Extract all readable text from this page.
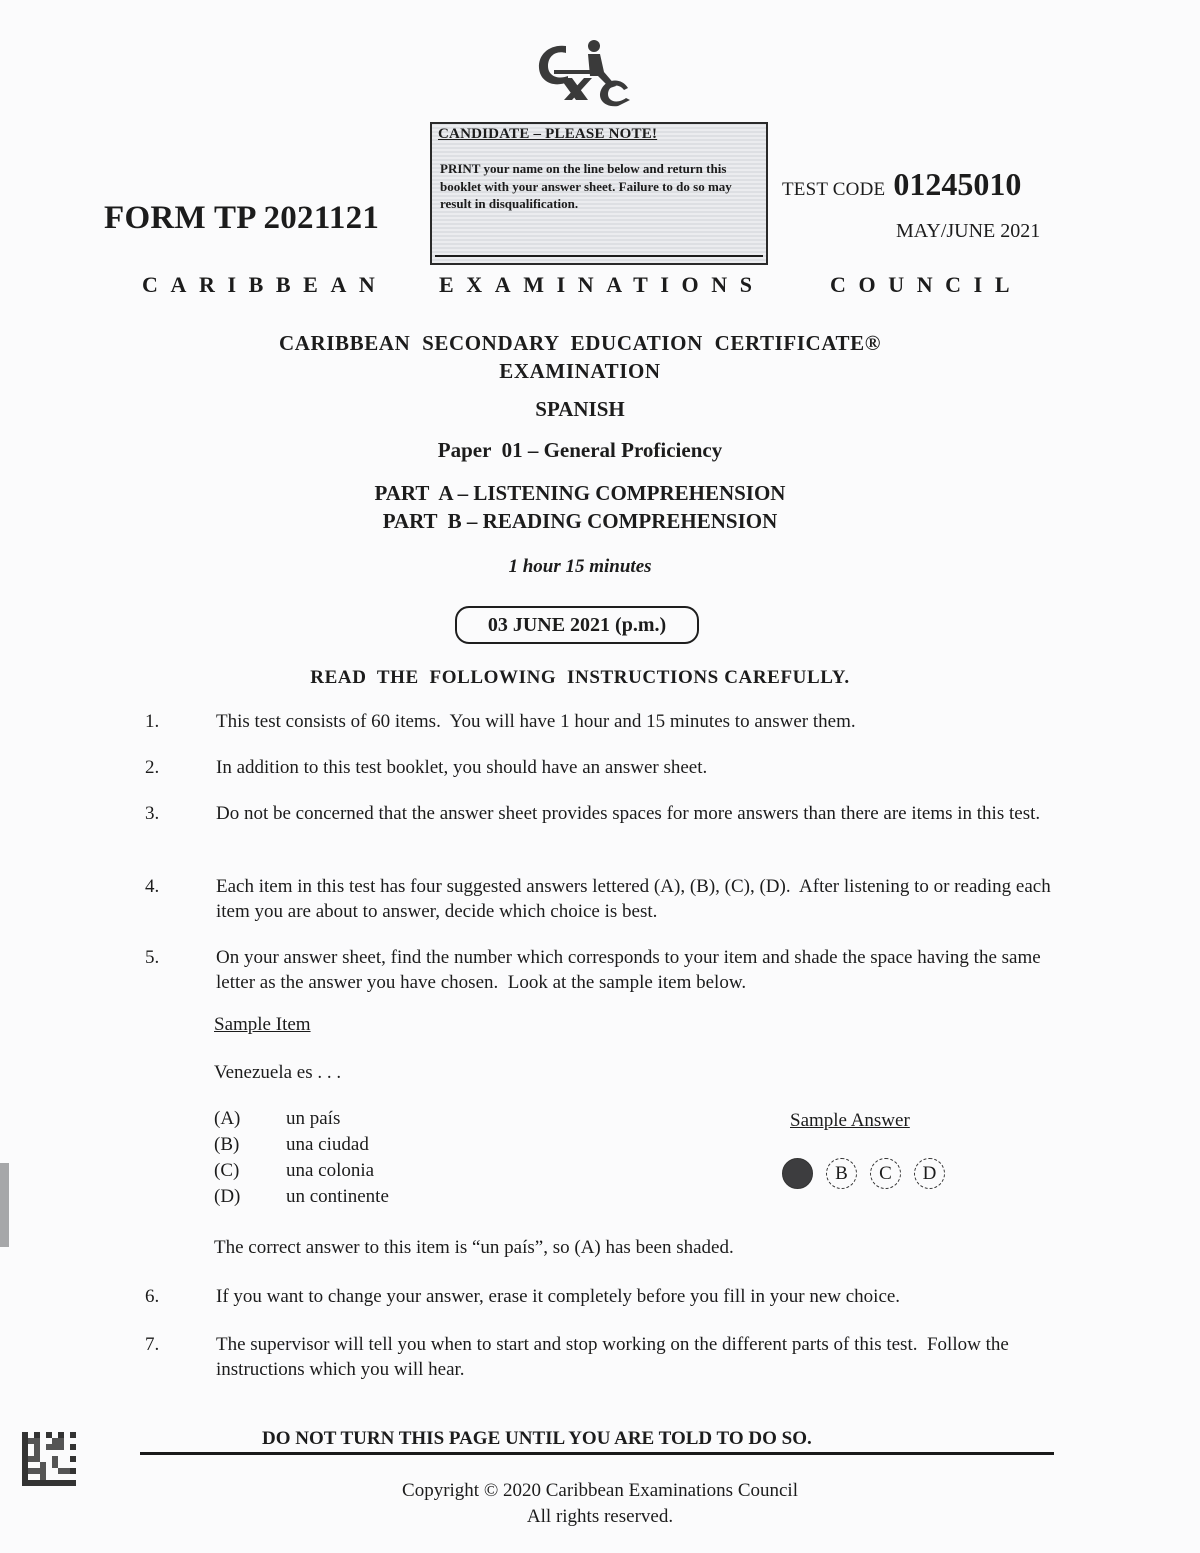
CANDIDATE – PLEASE NOTE!
PRINT your name on the line below and return this booklet with your answer sheet. Failure to do so may result in disqualification.
FORM TP 2021121
TEST CODE 01245010
MAY/JUNE 2021
CARIBBEAN EXAMINATIONS	COUNCIL
CARIBBEAN  SECONDARY  EDUCATION  CERTIFICATE®
EXAMINATION
SPANISH
Paper  01 – General Proficiency
PART  A – LISTENING COMPREHENSION
PART  B – READING COMPREHENSION
1 hour 15 minutes
03 JUNE 2021 (p.m.)
READ  THE  FOLLOWING  INSTRUCTIONS CAREFULLY.
1.	This test consists of 60 items.  You will have 1 hour and 15 minutes to answer them.
2.	In addition to this test booklet, you should have an answer sheet.
3.	Do not be concerned that the answer sheet provides spaces for more answers than there are items in this test.
4.	Each item in this test has four suggested answers lettered (A), (B), (C), (D).  After listening to or reading each item you are about to answer, decide which choice is best.
5.	On your answer sheet, find the number which corresponds to your item and shade the space having the same letter as the answer you have chosen.  Look at the sample item below.
Sample Item
Venezuela es . . .
(A) un país
(B) una ciudad
(C) una colonia
(D) un continente
Sample Answer
B	C	D
The correct answer to this item is “un país”, so (A) has been shaded.
6.	If you want to change your answer, erase it completely before you fill in your new choice.
7.	The supervisor will tell you when to start and stop working on the different parts of this test.  Follow the instructions which you will hear.
DO NOT TURN THIS PAGE UNTIL YOU ARE TOLD TO DO SO.
Copyright © 2020 Caribbean Examinations Council
All rights reserved.
